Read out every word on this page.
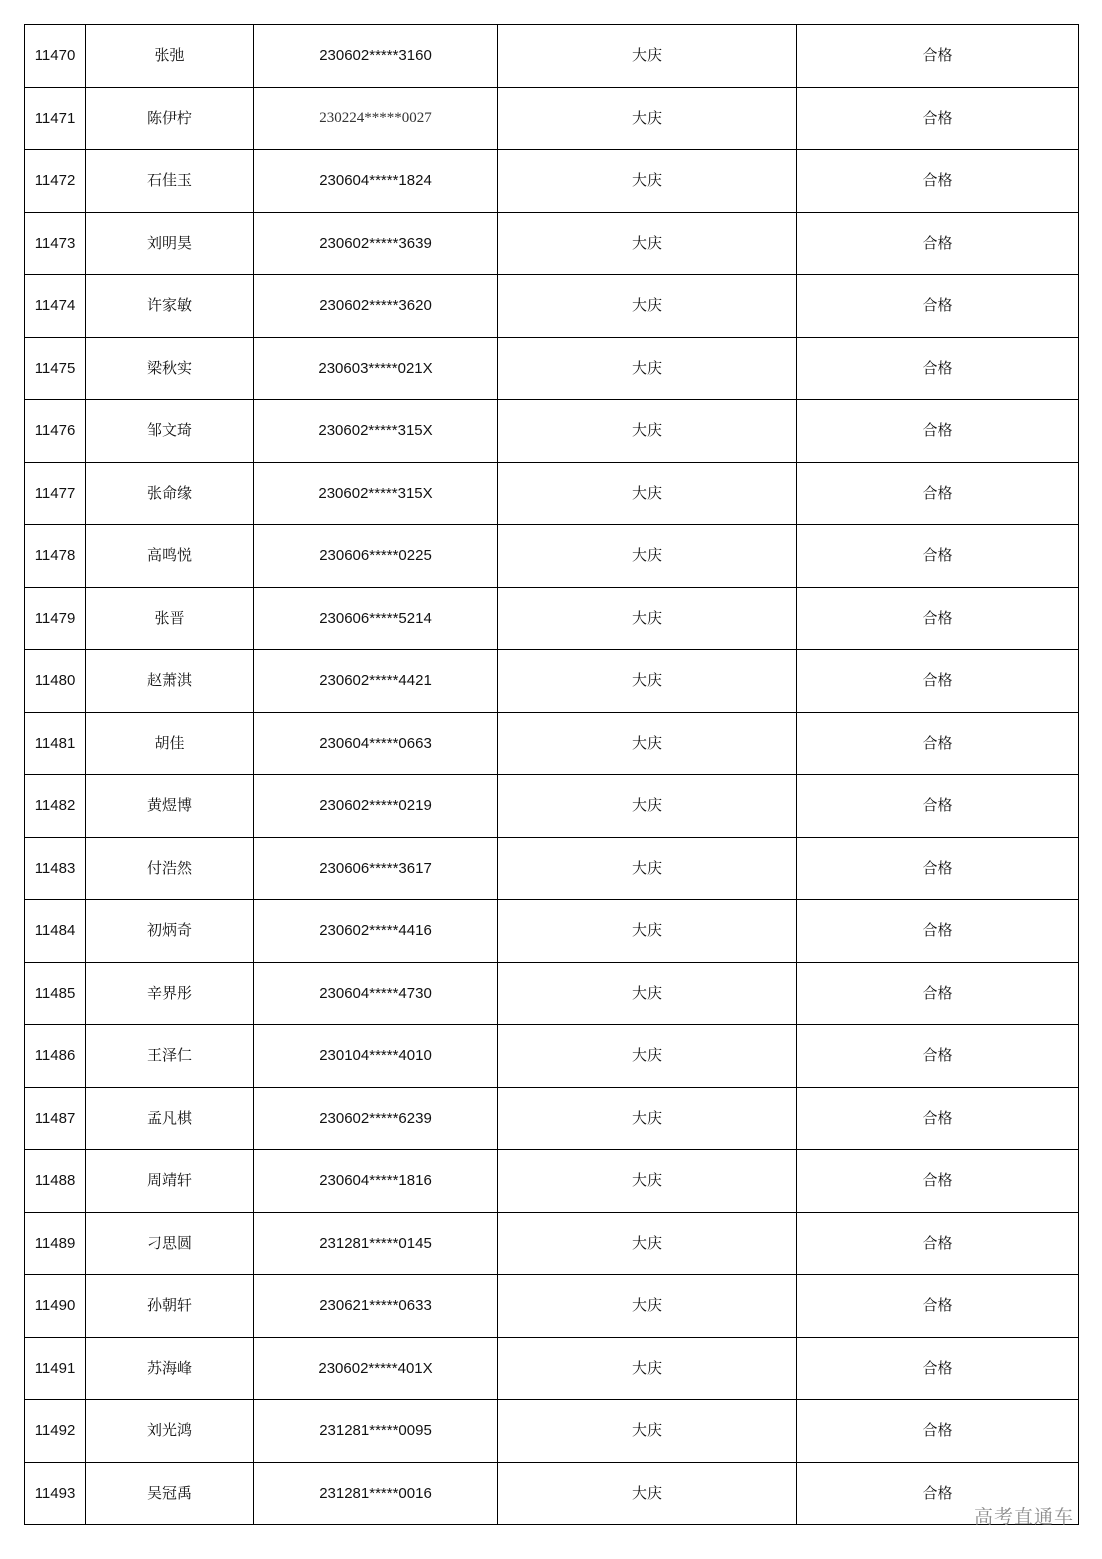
11470	张弛	230602*****3160	大庆	合格
11471	陈伊柠	230224*****0027	大庆	合格
11472	石佳玉	230604*****1824	大庆	合格
11473	刘明昊	230602*****3639	大庆	合格
11474	许家敏	230602*****3620	大庆	合格
11475	梁秋实	230603*****021X	大庆	合格
11476	邹文琦	230602*****315X	大庆	合格
11477	张命缘	230602*****315X	大庆	合格
11478	高鸣悦	230606*****0225	大庆	合格
11479	张晋	230606*****5214	大庆	合格
11480	赵萧淇	230602*****4421	大庆	合格
11481	胡佳	230604*****0663	大庆	合格
11482	黄煜博	230602*****0219	大庆	合格
11483	付浩然	230606*****3617	大庆	合格
11484	初炳奇	230602*****4416	大庆	合格
11485	辛界彤	230604*****4730	大庆	合格
11486	王泽仁	230104*****4010	大庆	合格
11487	孟凡棋	230602*****6239	大庆	合格
11488	周靖轩	230604*****1816	大庆	合格
11489	刁思圆	231281*****0145	大庆	合格
11490	孙朝轩	230621*****0633	大庆	合格
11491	苏海峰	230602*****401X	大庆	合格
11492	刘光鸿	231281*****0095	大庆	合格
11493	吴冠禹	231281*****0016	大庆	合格
高考直通车
